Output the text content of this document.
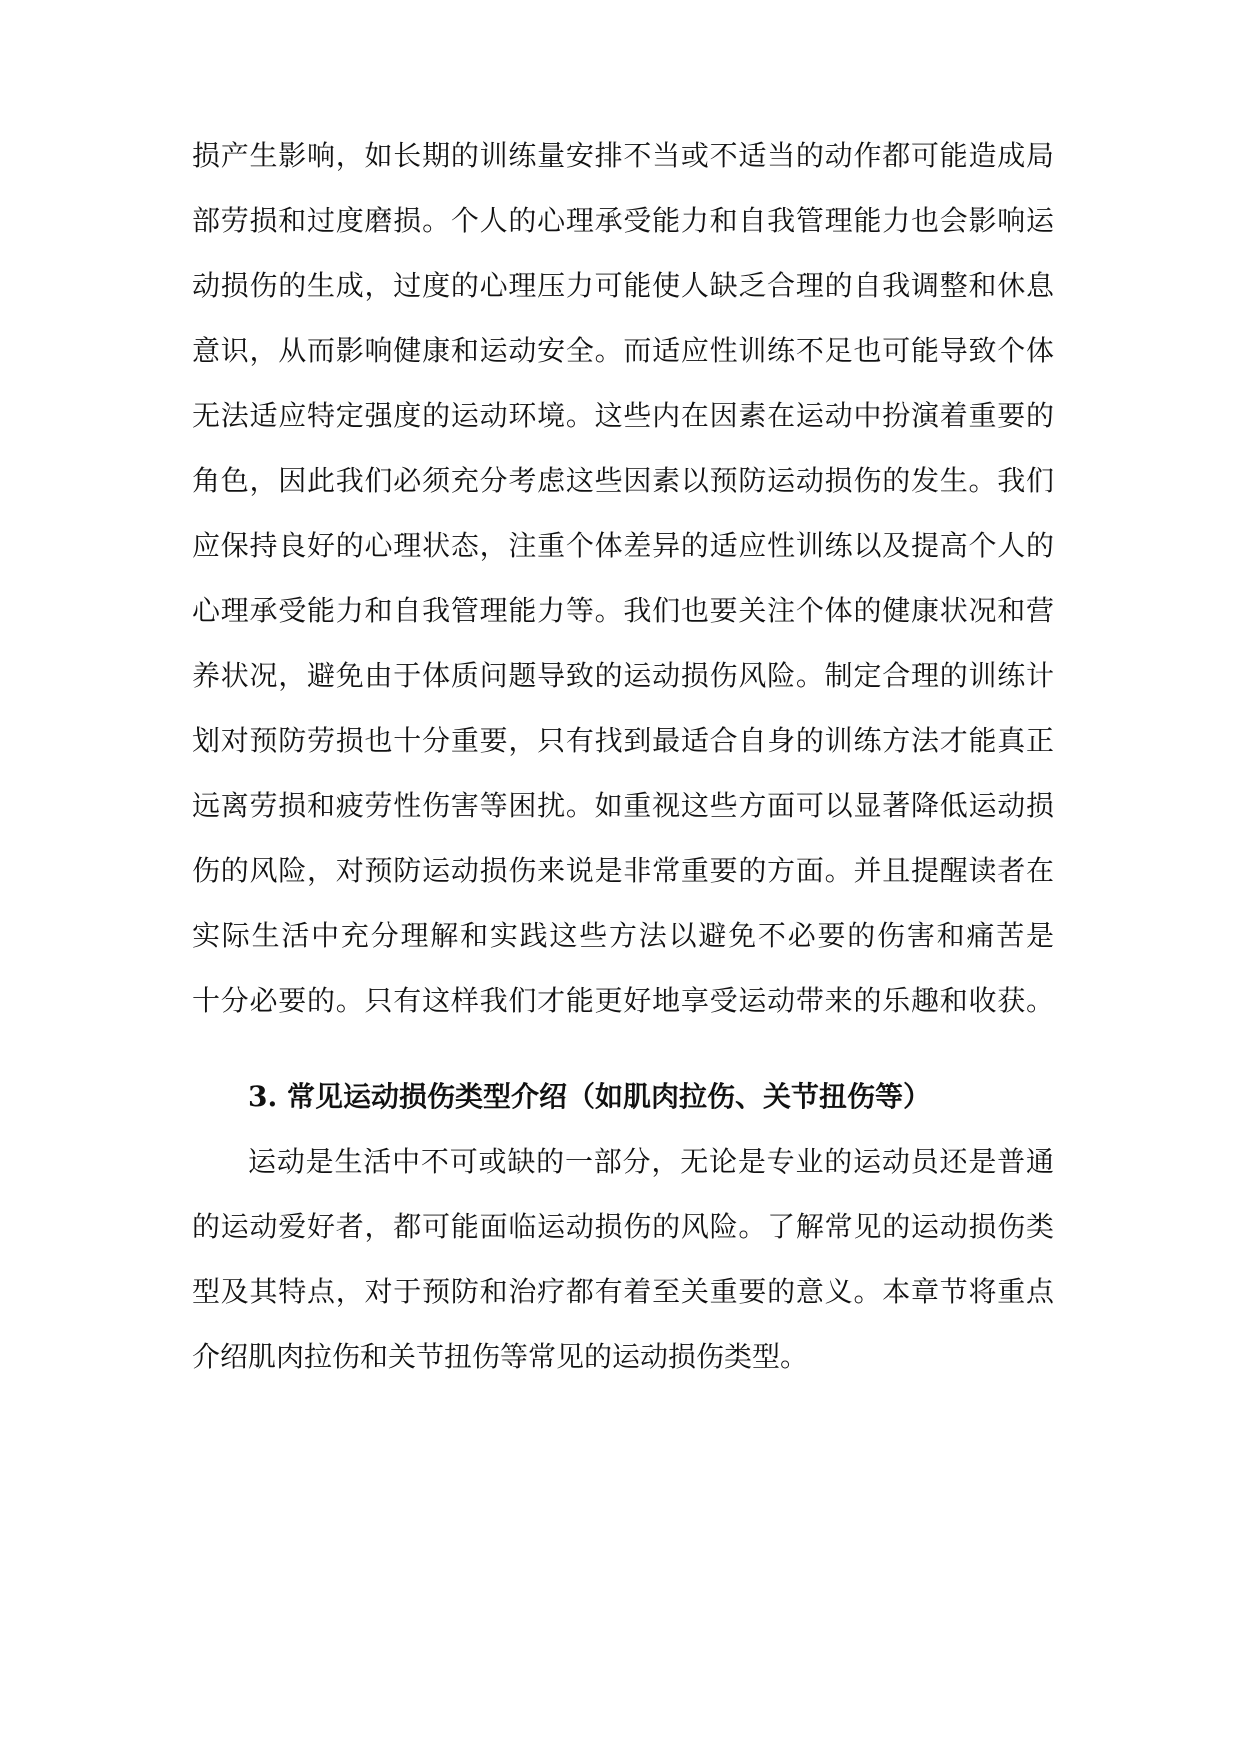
损产生影响，如长期的训练量安排不当或不适当的动作都可能造成局
部劳损和过度磨损。个人的心理承受能力和自我管理能力也会影响运
动损伤的生成，过度的心理压力可能使人缺乏合理的自我调整和休息
意识，从而影响健康和运动安全。而适应性训练不足也可能导致个体
无法适应特定强度的运动环境。这些内在因素在运动中扮演着重要的
角色，因此我们必须充分考虑这些因素以预防运动损伤的发生。我们
应保持良好的心理状态，注重个体差异的适应性训练以及提高个人的
心理承受能力和自我管理能力等。我们也要关注个体的健康状况和营
养状况，避免由于体质问题导致的运动损伤风险。制定合理的训练计
划对预防劳损也十分重要，只有找到最适合自身的训练方法才能真正
远离劳损和疲劳性伤害等困扰。如重视这些方面可以显著降低运动损
伤的风险，对预防运动损伤来说是非常重要的方面。并且提醒读者在
实际生活中充分理解和实践这些方法以避免不必要的伤害和痛苦是
十分必要的。只有这样我们才能更好地享受运动带来的乐趣和收获。
3. 常见运动损伤类型介绍（如肌肉拉伤、关节扭伤等）
运动是生活中不可或缺的一部分，无论是专业的运动员还是普通
的运动爱好者，都可能面临运动损伤的风险。了解常见的运动损伤类
型及其特点，对于预防和治疗都有着至关重要的意义。本章节将重点
介绍肌肉拉伤和关节扭伤等常见的运动损伤类型。
